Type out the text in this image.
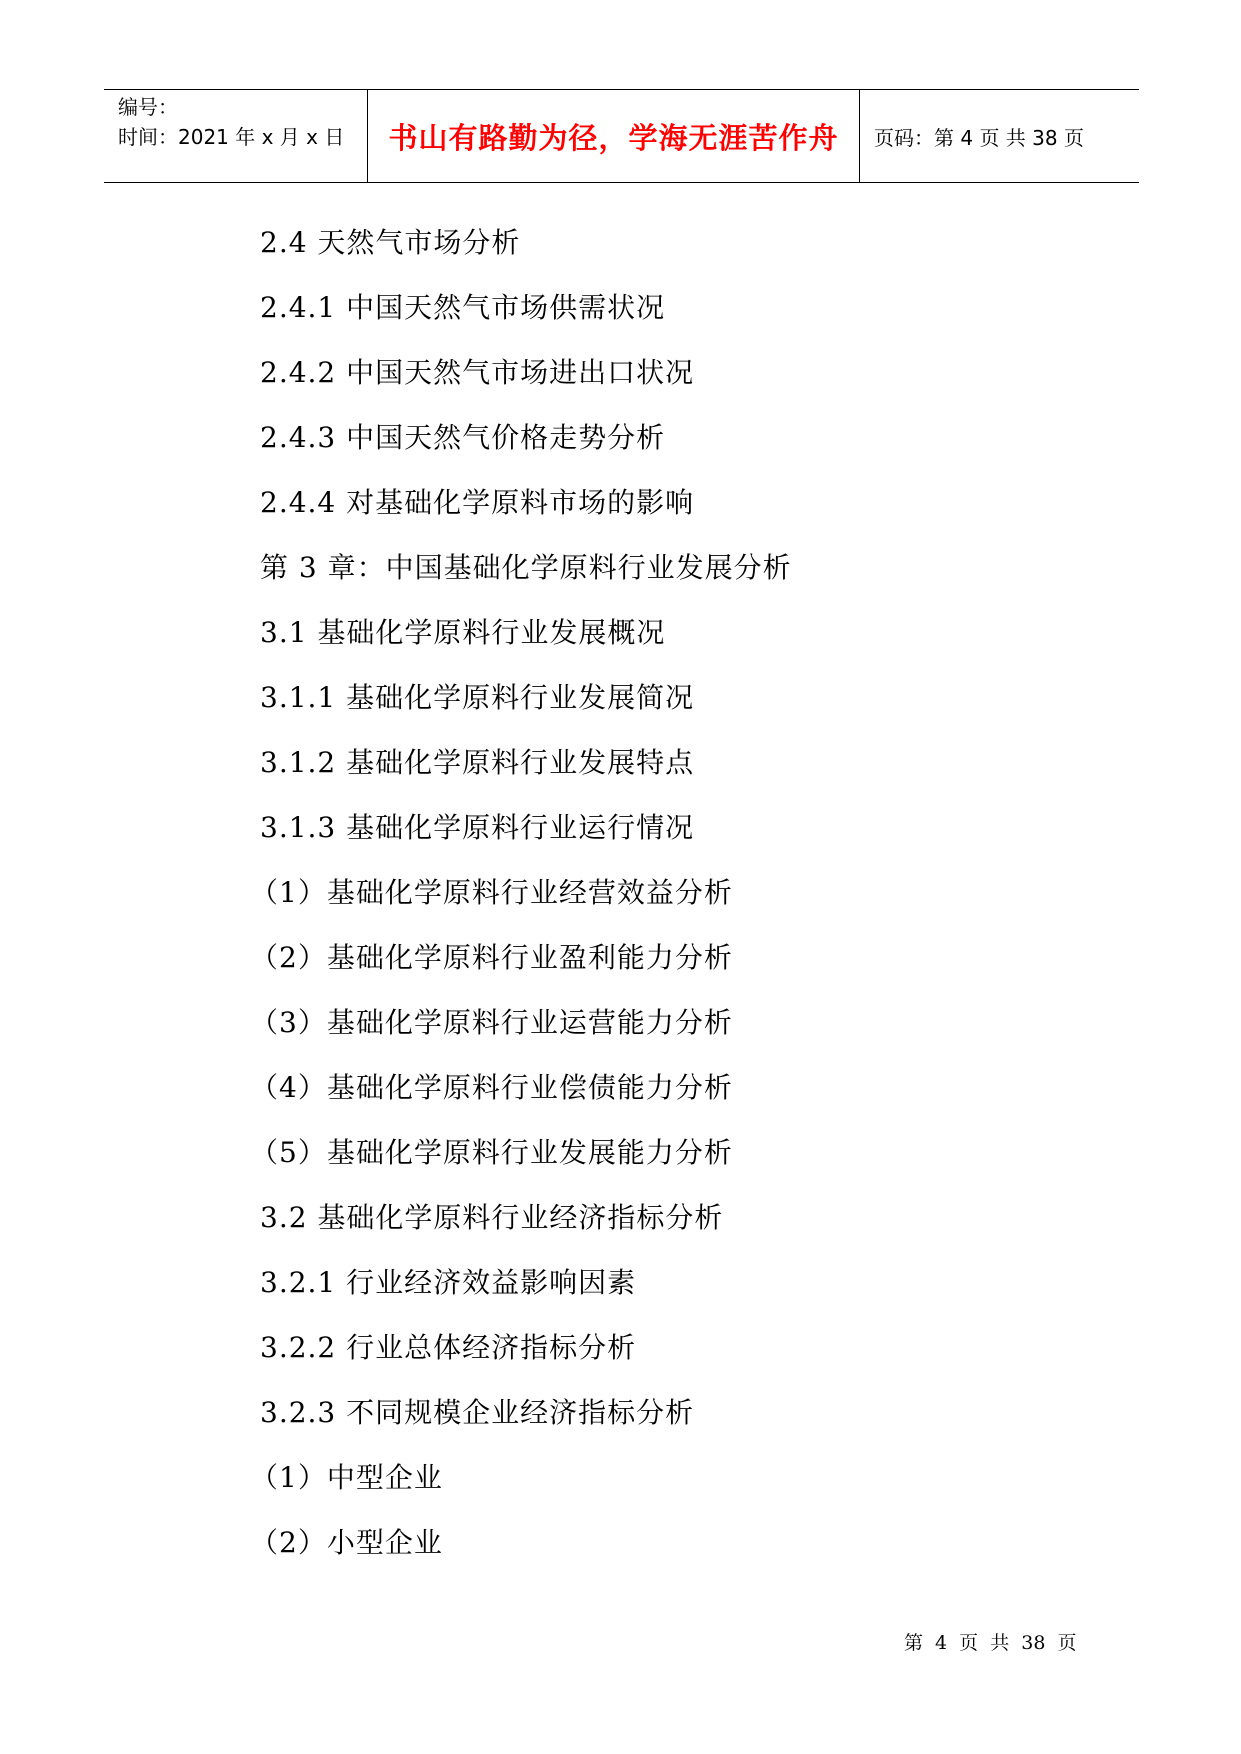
编号：
时间：2021 年 x 月 x 日	书山有路勤为径，学海无涯苦作舟	页码：第 4 页 共 38 页
2.4 天然气市场分析
2.4.1 中国天然气市场供需状况
2.4.2 中国天然气市场进出口状况
2.4.3 中国天然气价格走势分析
2.4.4 对基础化学原料市场的影响
第 3 章：中国基础化学原料行业发展分析
3.1 基础化学原料行业发展概况
3.1.1 基础化学原料行业发展简况
3.1.2 基础化学原料行业发展特点
3.1.3 基础化学原料行业运行情况
（1）基础化学原料行业经营效益分析
（2）基础化学原料行业盈利能力分析
（3）基础化学原料行业运营能力分析
（4）基础化学原料行业偿债能力分析
（5）基础化学原料行业发展能力分析
3.2 基础化学原料行业经济指标分析
3.2.1 行业经济效益影响因素
3.2.2 行业总体经济指标分析
3.2.3 不同规模企业经济指标分析
（1）中型企业
（2）小型企业
第 4 页 共 38 页
